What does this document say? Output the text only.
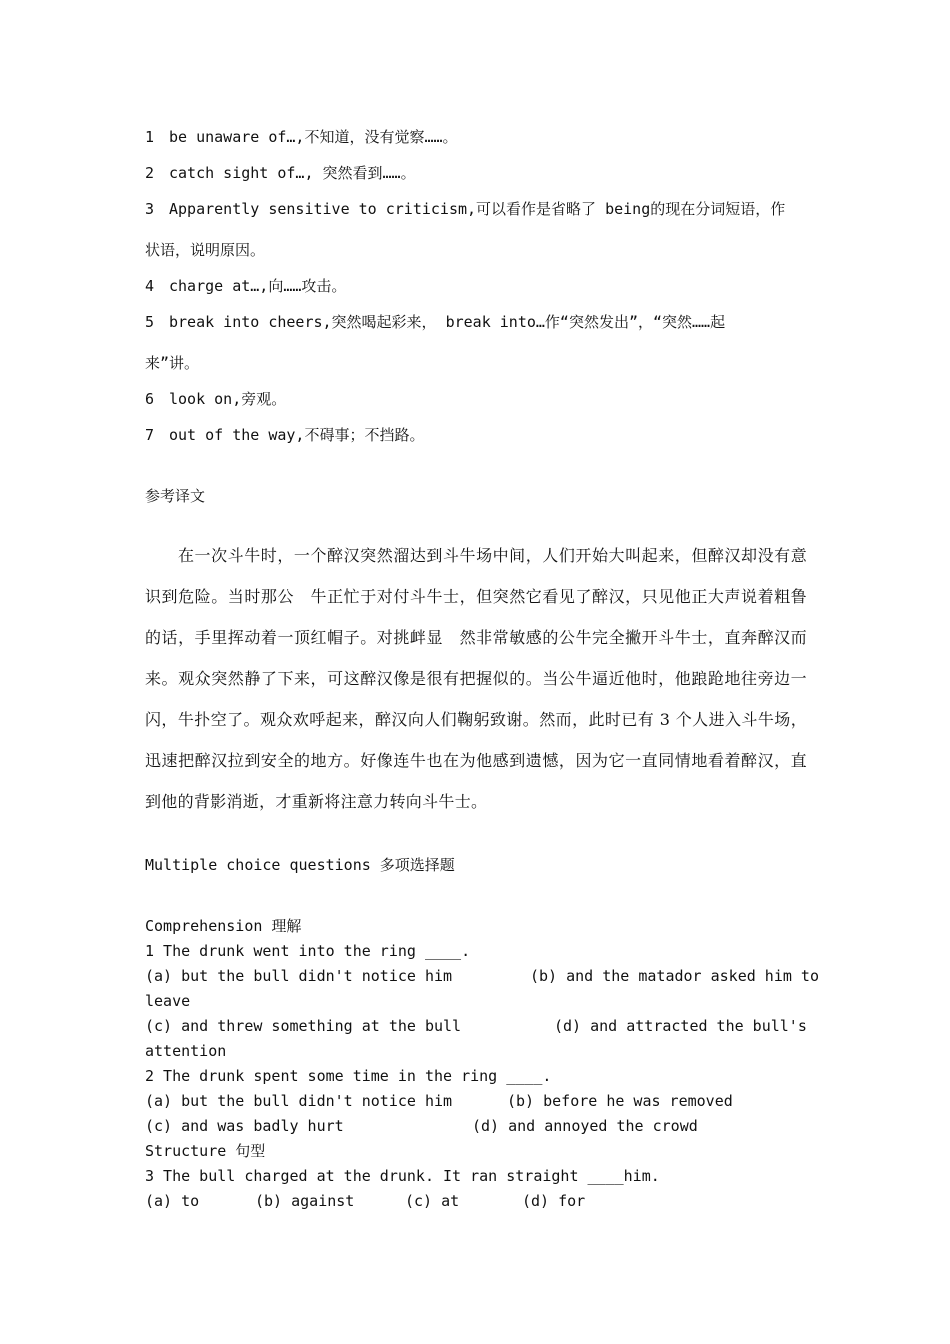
1 be unaware of…,不知道，没有觉察……。
2 catch sight of…, 突然看到……。
3 Apparently sensitive to criticism,可以看作是省略了 being的现在分词短语，作
状语，说明原因。
4 charge at…,向……攻击。
5 break into cheers,突然喝起彩来， break into…作“突然发出”，“突然……起
来”讲。
6 look on,旁观。
7 out of the way,不碍事；不挡路。
参考译文
在一次斗牛时，一个醉汉突然溜达到斗牛场中间，人们开始大叫起来，但醉汉却没有意识到危险。当时那公　牛正忙于对付斗牛士，但突然它看见了醉汉，只见他正大声说着粗鲁的话，手里挥动着一顶红帽子。对挑衅显　然非常敏感的公牛完全撇开斗牛士，直奔醉汉而来。观众突然静了下来，可这醉汉像是很有把握似的。当公牛逼近他时，他踉跄地往旁边一闪，牛扑空了。观众欢呼起来，醉汉向人们鞠躬致谢。然而，此时已有 3 个人进入斗牛场，迅速把醉汉拉到安全的地方。好像连牛也在为他感到遗憾，因为它一直同情地看着醉汉，直到他的背影消逝，才重新将注意力转向斗牛士。
Multiple choice questions 多项选择题
Comprehension 理解
1 The drunk went into the ring ____.
(a) but the bull didn't notice him	(b) and the matador asked him to
leave
(c) and threw something at the bull	(d) and attracted the bull's
attention
2 The drunk spent some time in the ring ____.
(a) but the bull didn't notice him	(b) before he was removed
(c) and was badly hurt	(d) and annoyed the crowd
Structure 句型
3 The bull charged at the drunk. It ran straight ____him.
(a) to	(b) against	(c) at	(d) for
